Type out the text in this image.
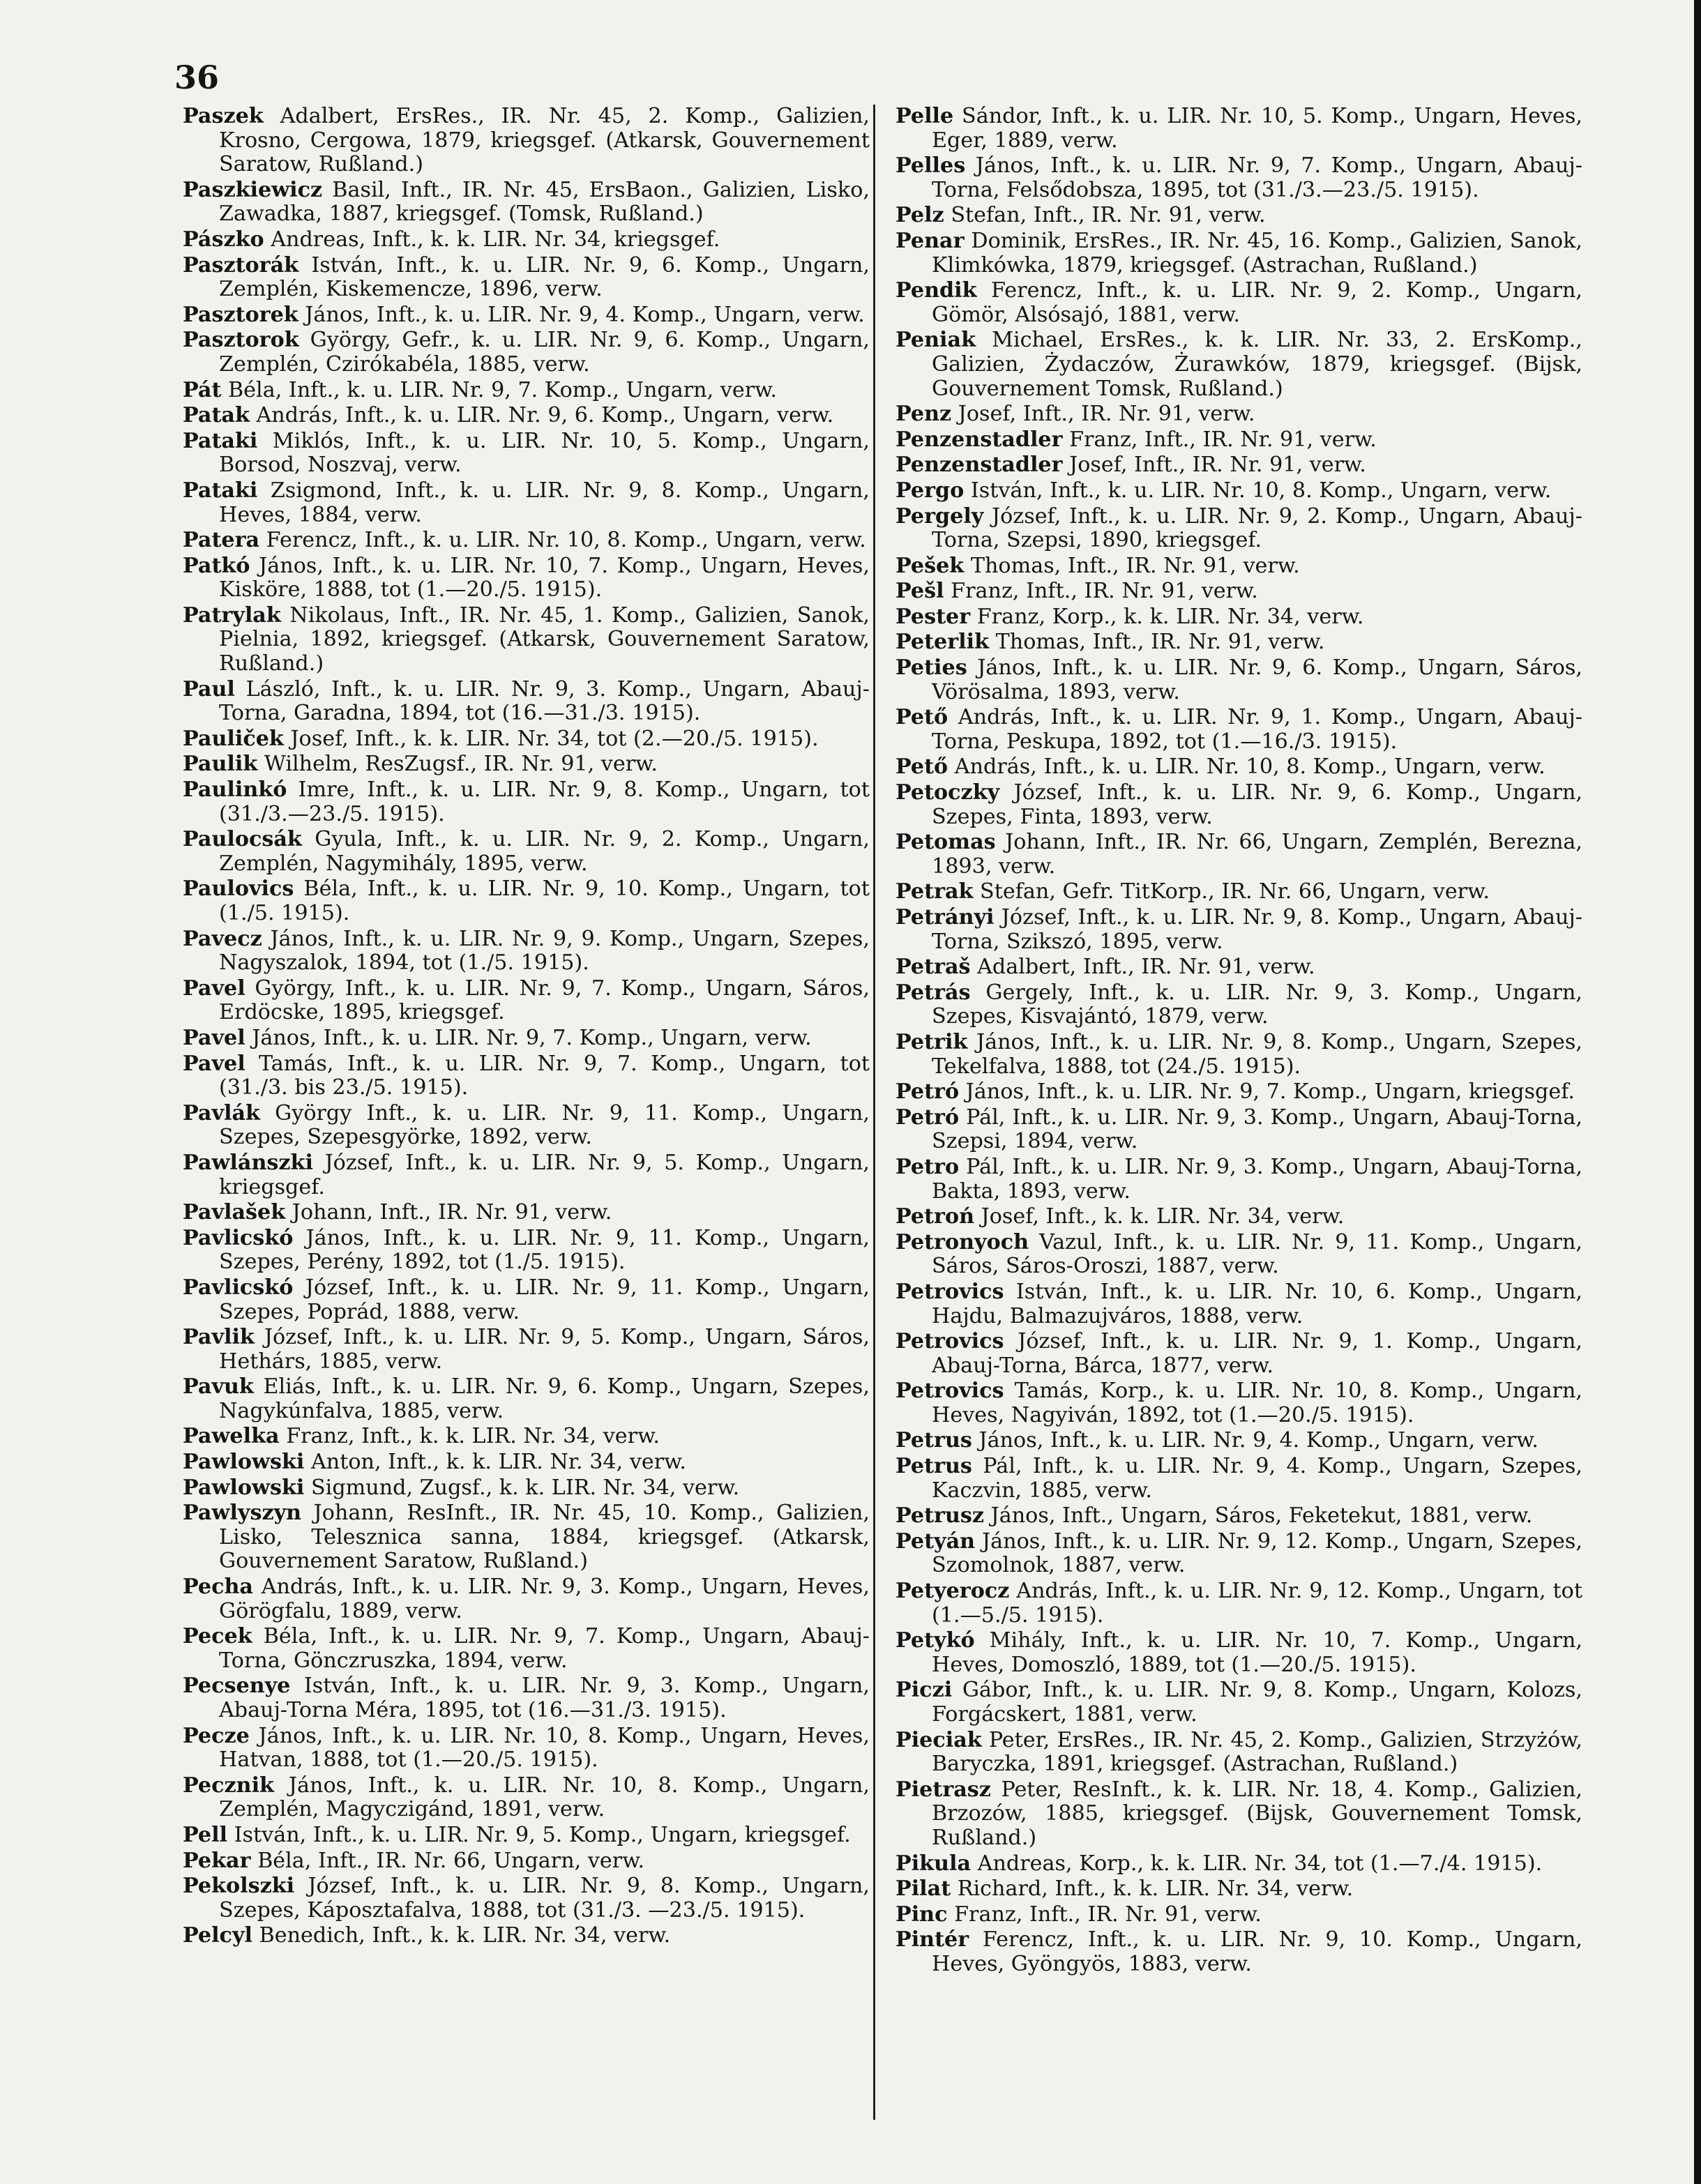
36

Paszek Adalbert, ErsRes., IR. Nr. 45, 2. Komp., Galizien, Krosno, Cergowa, 1879, kriegsgef. (Atkarsk, Gouvernement Saratow, Rußland.)

Paszkiewicz Basil, Inft., IR. Nr. 45, ErsBaon., Galizien, Lisko, Zawadka, 1887, kriegsgef. (Tomsk, Rußland.)

Pászko Andreas, Inft., k. k. LIR. Nr. 34, kriegsgef.

Pasztorák István, Inft., k. u. LIR. Nr. 9, 6. Komp., Ungarn, Zemplén, Kiskemencze, 1896, verw.

Pasztorek János, Inft., k. u. LIR. Nr. 9, 4. Komp., Ungarn, verw.

Pasztorok György, Gefr., k. u. LIR. Nr. 9, 6. Komp., Ungarn, Zemplén, Czirókabéla, 1885, verw.

Pát Béla, Inft., k. u. LIR. Nr. 9, 7. Komp., Ungarn, verw.

Patak András, Inft., k. u. LIR. Nr. 9, 6. Komp., Ungarn, verw.

Pataki Miklós, Inft., k. u. LIR. Nr. 10, 5. Komp., Ungarn, Borsod, Noszvaj, verw.

Pataki Zsigmond, Inft., k. u. LIR. Nr. 9, 8. Komp., Ungarn, Heves, 1884, verw.

Patera Ferencz, Inft., k. u. LIR. Nr. 10, 8. Komp., Ungarn, verw.

Patkó János, Inft., k. u. LIR. Nr. 10, 7. Komp., Ungarn, Heves, Kisköre, 1888, tot (1.—20./5. 1915).

Patrylak Nikolaus, Inft., IR. Nr. 45, 1. Komp., Galizien, Sanok, Pielnia, 1892, kriegsgef. (Atkarsk, Gouvernement Saratow, Rußland.)

Paul László, Inft., k. u. LIR. Nr. 9, 3. Komp., Ungarn, Abauj-Torna, Garadna, 1894, tot (16.—31./3. 1915).

Pauliček Josef, Inft., k. k. LIR. Nr. 34, tot (2.—20./5. 1915).

Paulik Wilhelm, ResZugsf., IR. Nr. 91, verw.

Paulinkó Imre, Inft., k. u. LIR. Nr. 9, 8. Komp., Ungarn, tot (31./3.—23./5. 1915).

Paulocsák Gyula, Inft., k. u. LIR. Nr. 9, 2. Komp., Ungarn, Zemplén, Nagymihály, 1895, verw.

Paulovics Béla, Inft., k. u. LIR. Nr. 9, 10. Komp., Ungarn, tot (1./5. 1915).

Pavecz János, Inft., k. u. LIR. Nr. 9, 9. Komp., Ungarn, Szepes, Nagyszalok, 1894, tot (1./5. 1915).

Pavel György, Inft., k. u. LIR. Nr. 9, 7. Komp., Ungarn, Sáros, Erdöcske, 1895, kriegsgef.

Pavel János, Inft., k. u. LIR. Nr. 9, 7. Komp., Ungarn, verw.

Pavel Tamás, Inft., k. u. LIR. Nr. 9, 7. Komp., Ungarn, tot (31./3. bis 23./5. 1915).

Pavlák György Inft., k. u. LIR. Nr. 9, 11. Komp., Ungarn, Szepes, Szepesgyörke, 1892, verw.

Pawlánszki József, Inft., k. u. LIR. Nr. 9, 5. Komp., Ungarn, kriegsgef.

Pavlašek Johann, Inft., IR. Nr. 91, verw.

Pavlicskó János, Inft., k. u. LIR. Nr. 9, 11. Komp., Ungarn, Szepes, Perény, 1892, tot (1./5. 1915).

Pavlicskó József, Inft., k. u. LIR. Nr. 9, 11. Komp., Ungarn, Szepes, Poprád, 1888, verw.

Pavlik József, Inft., k. u. LIR. Nr. 9, 5. Komp., Ungarn, Sáros, Hethárs, 1885, verw.

Pavuk Eliás, Inft., k. u. LIR. Nr. 9, 6. Komp., Ungarn, Szepes, Nagykúnfalva, 1885, verw.

Pawelka Franz, Inft., k. k. LIR. Nr. 34, verw.

Pawlowski Anton, Inft., k. k. LIR. Nr. 34, verw.

Pawlowski Sigmund, Zugsf., k. k. LIR. Nr. 34, verw.

Pawlyszyn Johann, ResInft., IR. Nr. 45, 10. Komp., Galizien, Lisko, Telesznica sanna, 1884, kriegsgef. (Atkarsk, Gouvernement Saratow, Rußland.)

Pecha András, Inft., k. u. LIR. Nr. 9, 3. Komp., Ungarn, Heves, Görögfalu, 1889, verw.

Pecek Béla, Inft., k. u. LIR. Nr. 9, 7. Komp., Ungarn, Abauj-Torna, Gönczruszka, 1894, verw.

Pecsenye István, Inft., k. u. LIR. Nr. 9, 3. Komp., Ungarn, Abauj-Torna Méra, 1895, tot (16.—31./3. 1915).

Pecze János, Inft., k. u. LIR. Nr. 10, 8. Komp., Ungarn, Heves, Hatvan, 1888, tot (1.—20./5. 1915).

Pecznik János, Inft., k. u. LIR. Nr. 10, 8. Komp., Ungarn, Zemplén, Magyczigánd, 1891, verw.

Pell István, Inft., k. u. LIR. Nr. 9, 5. Komp., Ungarn, kriegsgef.

Pekar Béla, Inft., IR. Nr. 66, Ungarn, verw.

Pekolszki József, Inft., k. u. LIR. Nr. 9, 8. Komp., Ungarn, Szepes, Káposztafalva, 1888, tot (31./3. —23./5. 1915).

Pelcyl Benedich, Inft., k. k. LIR. Nr. 34, verw.

Pelle Sándor, Inft., k. u. LIR. Nr. 10, 5. Komp., Ungarn, Heves, Eger, 1889, verw.

Pelles János, Inft., k. u. LIR. Nr. 9, 7. Komp., Ungarn, Abauj-Torna, Felsődobsza, 1895, tot (31./3.—23./5. 1915).

Pelz Stefan, Inft., IR. Nr. 91, verw.

Penar Dominik, ErsRes., IR. Nr. 45, 16. Komp., Galizien, Sanok, Klimkówka, 1879, kriegsgef. (Astrachan, Rußland.)

Pendik Ferencz, Inft., k. u. LIR. Nr. 9, 2. Komp., Ungarn, Gömör, Alsósajó, 1881, verw.

Peniak Michael, ErsRes., k. k. LIR. Nr. 33, 2. ErsKomp., Galizien, Żydaczów, Żurawków, 1879, kriegsgef. (Bijsk, Gouvernement Tomsk, Rußland.)

Penz Josef, Inft., IR. Nr. 91, verw.

Penzenstadler Franz, Inft., IR. Nr. 91, verw.

Penzenstadler Josef, Inft., IR. Nr. 91, verw.

Pergo István, Inft., k. u. LIR. Nr. 10, 8. Komp., Ungarn, verw.

Pergely József, Inft., k. u. LIR. Nr. 9, 2. Komp., Ungarn, Abauj-Torna, Szepsi, 1890, kriegsgef.

Pešek Thomas, Inft., IR. Nr. 91, verw.

Pešl Franz, Inft., IR. Nr. 91, verw.

Pester Franz, Korp., k. k. LIR. Nr. 34, verw.

Peterlik Thomas, Inft., IR. Nr. 91, verw.

Peties János, Inft., k. u. LIR. Nr. 9, 6. Komp., Ungarn, Sáros, Vörösalma, 1893, verw.

Pető András, Inft., k. u. LIR. Nr. 9, 1. Komp., Ungarn, Abauj-Torna, Peskupa, 1892, tot (1.—16./3. 1915).

Pető András, Inft., k. u. LIR. Nr. 10, 8. Komp., Ungarn, verw.

Petoczky József, Inft., k. u. LIR. Nr. 9, 6. Komp., Ungarn, Szepes, Finta, 1893, verw.

Petomas Johann, Inft., IR. Nr. 66, Ungarn, Zemplén, Berezna, 1893, verw.

Petrak Stefan, Gefr. TitKorp., IR. Nr. 66, Ungarn, verw.

Petrányi József, Inft., k. u. LIR. Nr. 9, 8. Komp., Ungarn, Abauj-Torna, Szikszó, 1895, verw.

Petraš Adalbert, Inft., IR. Nr. 91, verw.

Petrás Gergely, Inft., k. u. LIR. Nr. 9, 3. Komp., Ungarn, Szepes, Kisvajántó, 1879, verw.

Petrik János, Inft., k. u. LIR. Nr. 9, 8. Komp., Ungarn, Szepes, Tekelfalva, 1888, tot (24./5. 1915).

Petró János, Inft., k. u. LIR. Nr. 9, 7. Komp., Ungarn, kriegsgef.

Petró Pál, Inft., k. u. LIR. Nr. 9, 3. Komp., Ungarn, Abauj-Torna, Szepsi, 1894, verw.

Petro Pál, Inft., k. u. LIR. Nr. 9, 3. Komp., Ungarn, Abauj-Torna, Bakta, 1893, verw.

Petroń Josef, Inft., k. k. LIR. Nr. 34, verw.

Petronyoch Vazul, Inft., k. u. LIR. Nr. 9, 11. Komp., Ungarn, Sáros, Sáros-Oroszi, 1887, verw.

Petrovics István, Inft., k. u. LIR. Nr. 10, 6. Komp., Ungarn, Hajdu, Balmazujváros, 1888, verw.

Petrovics József, Inft., k. u. LIR. Nr. 9, 1. Komp., Ungarn, Abauj-Torna, Bárca, 1877, verw.

Petrovics Tamás, Korp., k. u. LIR. Nr. 10, 8. Komp., Ungarn, Heves, Nagyiván, 1892, tot (1.—20./5. 1915).

Petrus János, Inft., k. u. LIR. Nr. 9, 4. Komp., Ungarn, verw.

Petrus Pál, Inft., k. u. LIR. Nr. 9, 4. Komp., Ungarn, Szepes, Kaczvin, 1885, verw.

Petrusz János, Inft., Ungarn, Sáros, Feketekut, 1881, verw.

Petyán János, Inft., k. u. LIR. Nr. 9, 12. Komp., Ungarn, Szepes, Szomolnok, 1887, verw.

Petyerocz András, Inft., k. u. LIR. Nr. 9, 12. Komp., Ungarn, tot (1.—5./5. 1915).

Petykó Mihály, Inft., k. u. LIR. Nr. 10, 7. Komp., Ungarn, Heves, Domoszló, 1889, tot (1.—20./5. 1915).

Piczi Gábor, Inft., k. u. LIR. Nr. 9, 8. Komp., Ungarn, Kolozs, Forgácskert, 1881, verw.

Pieciak Peter, ErsRes., IR. Nr. 45, 2. Komp., Galizien, Strzyżów, Baryczka, 1891, kriegsgef. (Astrachan, Rußland.)

Pietrasz Peter, ResInft., k. k. LIR. Nr. 18, 4. Komp., Galizien, Brzozów, 1885, kriegsgef. (Bijsk, Gouvernement Tomsk, Rußland.)

Pikula Andreas, Korp., k. k. LIR. Nr. 34, tot (1.—7./4. 1915).

Pilat Richard, Inft., k. k. LIR. Nr. 34, verw.

Pinc Franz, Inft., IR. Nr. 91, verw.

Pintér Ferencz, Inft., k. u. LIR. Nr. 9, 10. Komp., Ungarn, Heves, Gyöngyös, 1883, verw.
